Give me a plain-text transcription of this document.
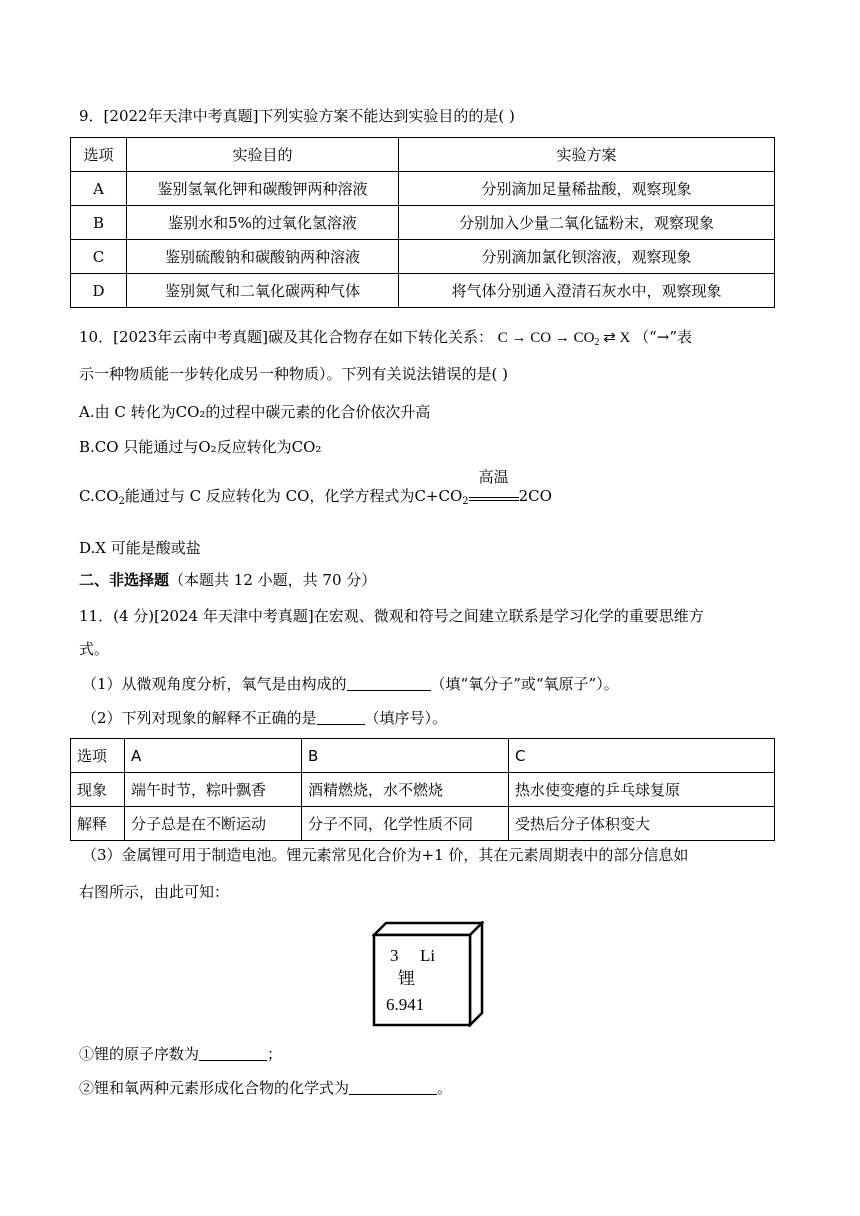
9．[2022年天津中考真题]下列实验方案不能达到实验目的的是( )
选项	实验目的	实验方案
A	鉴别氢氧化钾和碳酸钾两种溶液	分别滴加足量稀盐酸，观察现象
B	鉴别水和5%的过氧化氢溶液	分别加入少量二氧化锰粉末，观察现象
C	鉴别硫酸钠和碳酸钠两种溶液	分别滴加氯化钡溶液，观察现象
D	鉴别氮气和二氧化碳两种气体	将气体分别通入澄清石灰水中，观察现象
10．[2023年云南中考真题]碳及其化合物存在如下转化关系： C → CO → $CO_2$ ⇄ X （“→”表
示一种物质能一步转化成另一种物质）。下列有关说法错误的是( )
A.由 C 转化为CO₂的过程中碳元素的化合价依次升高
B.CO 只能通过与O₂反应转化为CO₂
$C.CO_2$能通过与 C 反应转化为 CO，化学方程式为$C+CO_2$
高温
2CO
D.X 可能是酸或盐
二、非选择题（本题共 12 小题，共 70 分）
11．(4 分)[2024 年天津中考真题]在宏观、微观和符号之间建立联系是学习化学的重要思维方
式。
（1）从微观角度分析，氧气是由构成的	（填“氧分子”或“氧原子”）。
（2）下列对现象的解释不正确的是	（填序号）。
选项	A	B	C
现象	端午时节，粽叶飘香	酒精燃烧，水不燃烧	热水使变瘪的乒乓球复原
解释	分子总是在不断运动	分子不同，化学性质不同	受热后分子体积变大
（3）金属锂可用于制造电池。锂元素常见化合价为+1 价，其在元素周期表中的部分信息如
右图所示，由此可知：
3 Li
锂
6.941
①锂的原子序数为	；
②锂和氧两种元素形成化合物的化学式为	。
